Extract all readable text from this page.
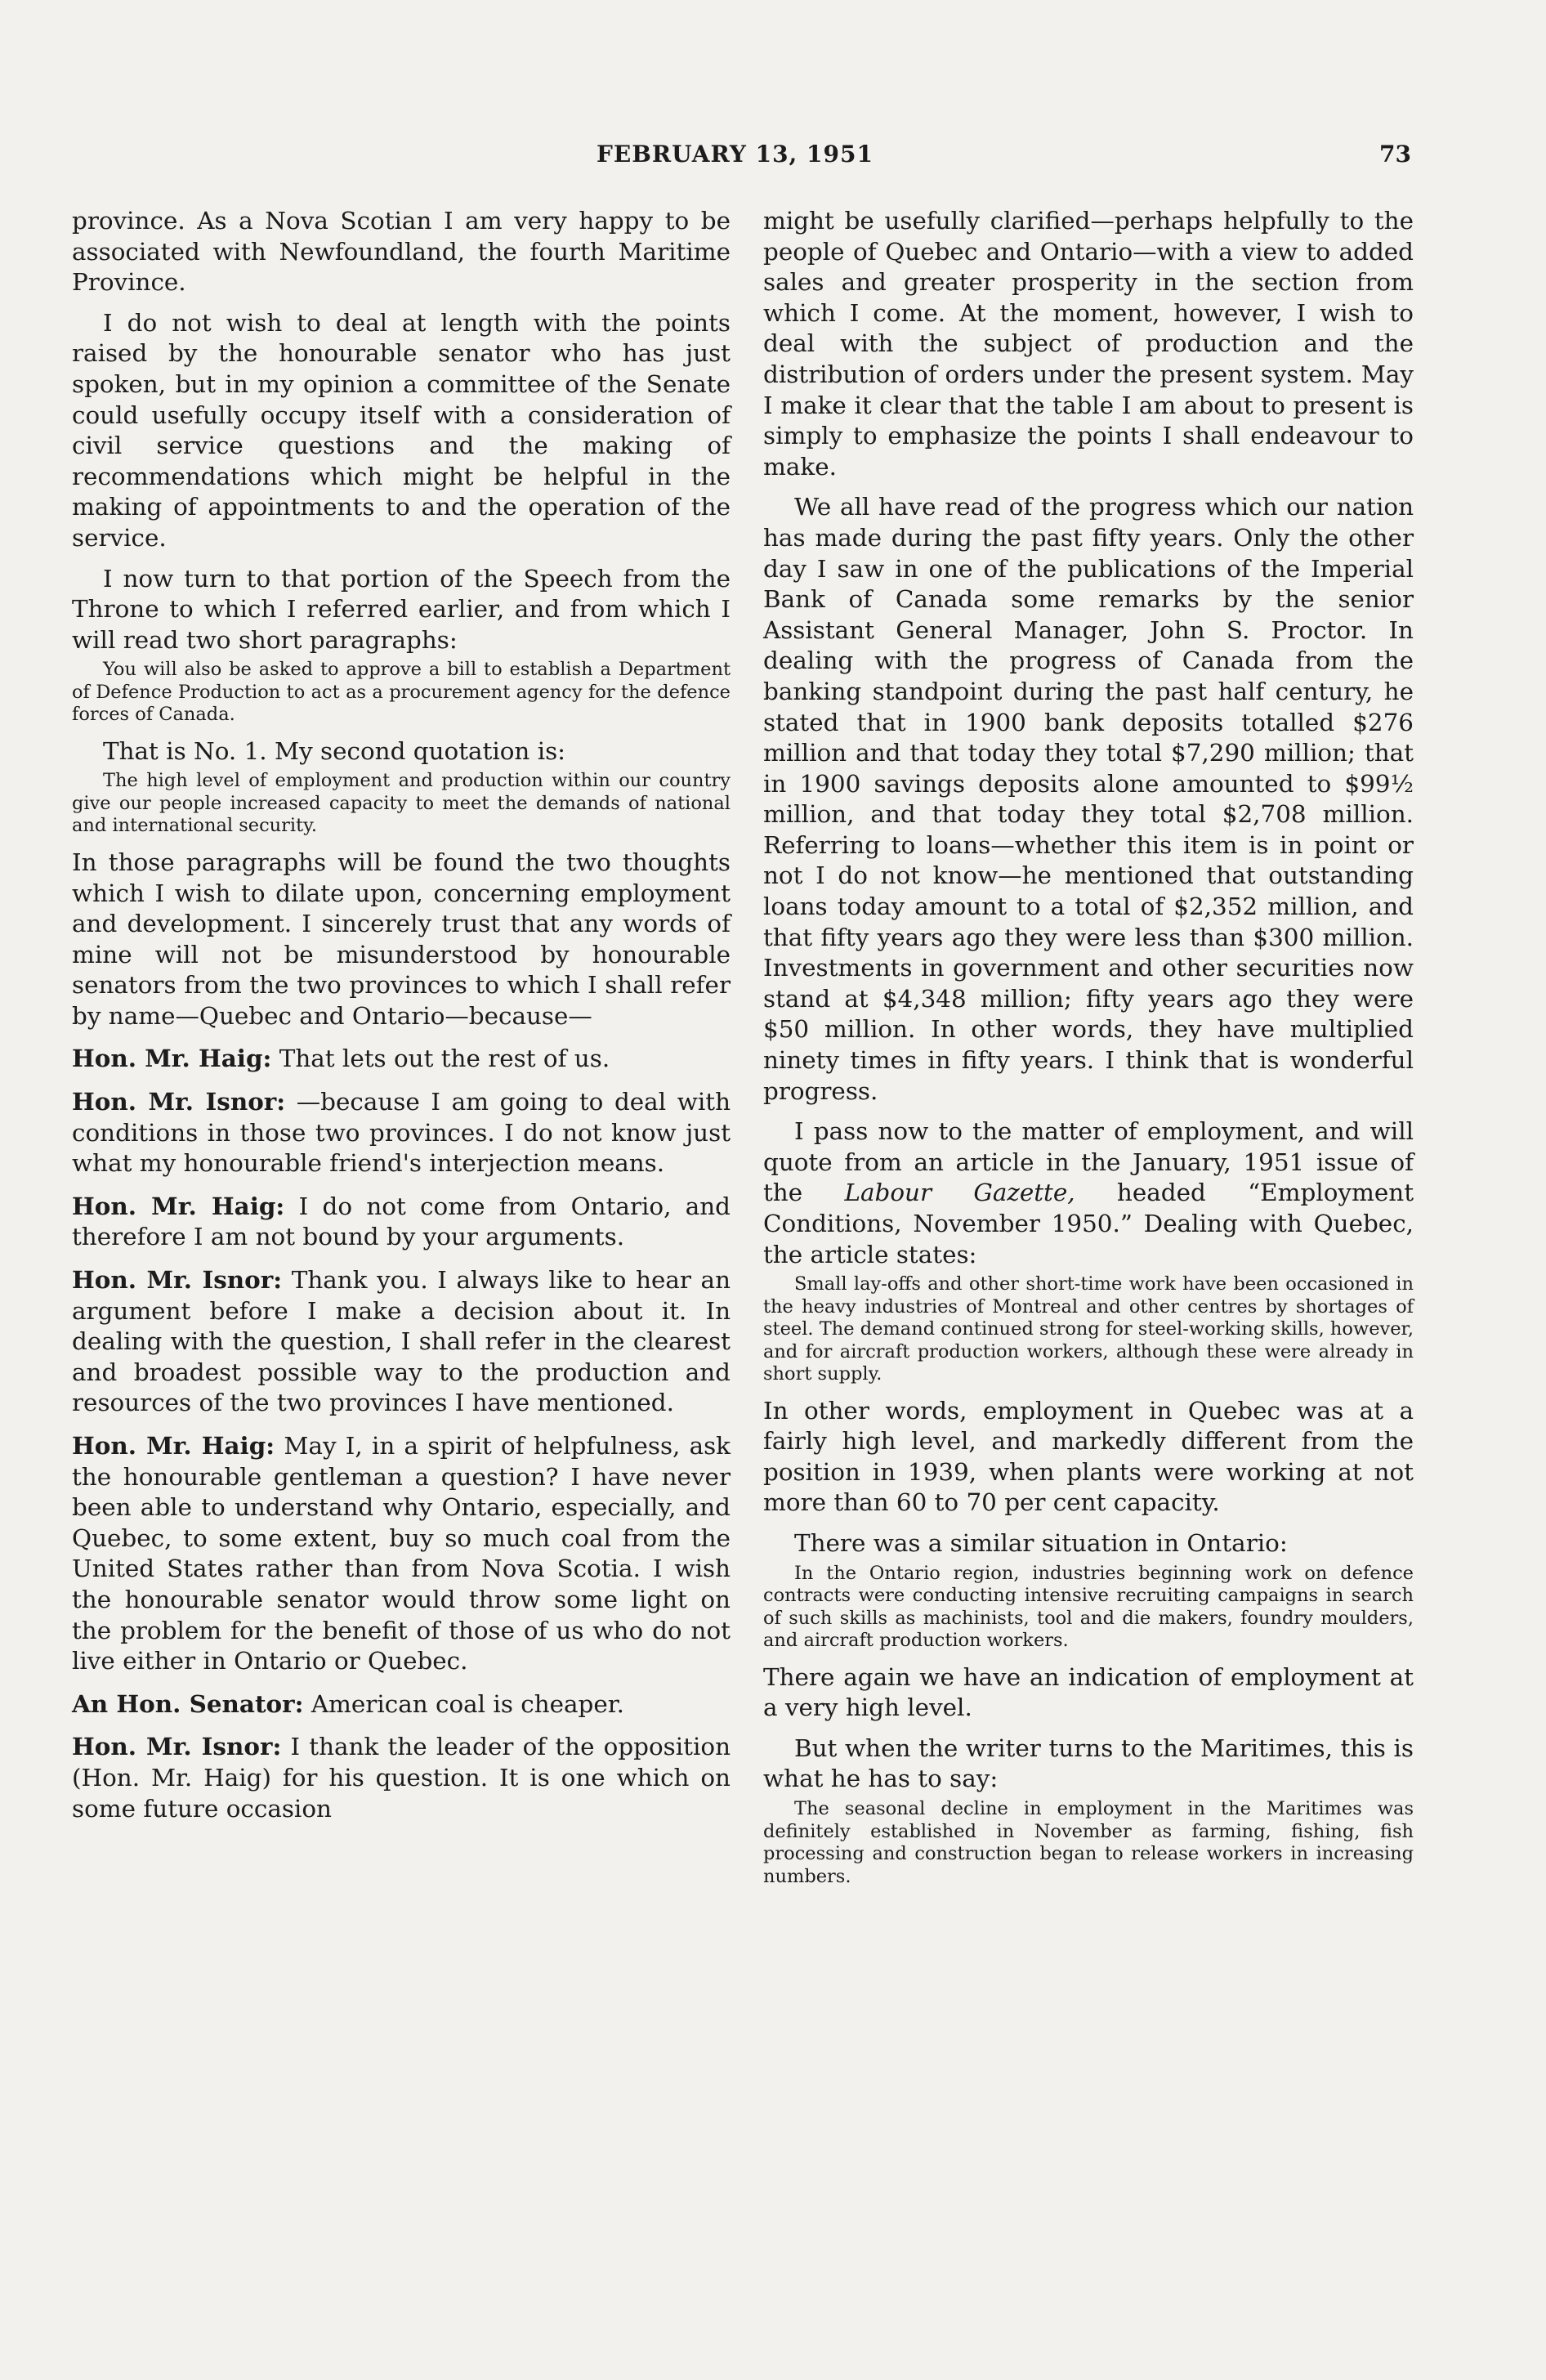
FEBRUARY 13, 1951	73

province. As a Nova Scotian I am very happy to be associated with Newfoundland, the fourth Maritime Province.

I do not wish to deal at length with the points raised by the honourable senator who has just spoken, but in my opinion a committee of the Senate could usefully occupy itself with a consideration of civil service questions and the making of recommendations which might be helpful in the making of appointments to and the operation of the service.

I now turn to that portion of the Speech from the Throne to which I referred earlier, and from which I will read two short paragraphs:

You will also be asked to approve a bill to establish a Department of Defence Production to act as a procurement agency for the defence forces of Canada.

That is No. 1. My second quotation is:

The high level of employment and production within our country give our people increased capacity to meet the demands of national and international security.

In those paragraphs will be found the two thoughts which I wish to dilate upon, concerning employment and development. I sincerely trust that any words of mine will not be misunderstood by honourable senators from the two provinces to which I shall refer by name—Quebec and Ontario—because—

Hon. Mr. Haig: That lets out the rest of us.

Hon. Mr. Isnor: —because I am going to deal with conditions in those two provinces. I do not know just what my honourable friend's interjection means.

Hon. Mr. Haig: I do not come from Ontario, and therefore I am not bound by your arguments.

Hon. Mr. Isnor: Thank you. I always like to hear an argument before I make a decision about it. In dealing with the question, I shall refer in the clearest and broadest possible way to the production and resources of the two provinces I have mentioned.

Hon. Mr. Haig: May I, in a spirit of helpfulness, ask the honourable gentleman a question? I have never been able to understand why Ontario, especially, and Quebec, to some extent, buy so much coal from the United States rather than from Nova Scotia. I wish the honourable senator would throw some light on the problem for the benefit of those of us who do not live either in Ontario or Quebec.

An Hon. Senator: American coal is cheaper.

Hon. Mr. Isnor: I thank the leader of the opposition (Hon. Mr. Haig) for his question. It is one which on some future occasion

might be usefully clarified—perhaps helpfully to the people of Quebec and Ontario—with a view to added sales and greater prosperity in the section from which I come. At the moment, however, I wish to deal with the subject of production and the distribution of orders under the present system. May I make it clear that the table I am about to present is simply to emphasize the points I shall endeavour to make.

We all have read of the progress which our nation has made during the past fifty years. Only the other day I saw in one of the publications of the Imperial Bank of Canada some remarks by the senior Assistant General Manager, John S. Proctor. In dealing with the progress of Canada from the banking standpoint during the past half century, he stated that in 1900 bank deposits totalled $276 million and that today they total $7,290 million; that in 1900 savings deposits alone amounted to $99½ million, and that today they total $2,708 million. Referring to loans—whether this item is in point or not I do not know—he mentioned that outstanding loans today amount to a total of $2,352 million, and that fifty years ago they were less than $300 million. Investments in government and other securities now stand at $4,348 million; fifty years ago they were $50 million. In other words, they have multiplied ninety times in fifty years. I think that is wonderful progress.

I pass now to the matter of employment, and will quote from an article in the January, 1951 issue of the Labour Gazette, headed “Employment Conditions, November 1950.” Dealing with Quebec, the article states:

Small lay-offs and other short-time work have been occasioned in the heavy industries of Montreal and other centres by shortages of steel. The demand continued strong for steel-working skills, however, and for aircraft production workers, although these were already in short supply.

In other words, employment in Quebec was at a fairly high level, and markedly different from the position in 1939, when plants were working at not more than 60 to 70 per cent capacity.

There was a similar situation in Ontario:

In the Ontario region, industries beginning work on defence contracts were conducting intensive recruiting campaigns in search of such skills as machinists, tool and die makers, foundry moulders, and aircraft production workers.

There again we have an indication of employment at a very high level.

But when the writer turns to the Maritimes, this is what he has to say:

The seasonal decline in employment in the Maritimes was definitely established in November as farming, fishing, fish processing and construction began to release workers in increasing numbers.
